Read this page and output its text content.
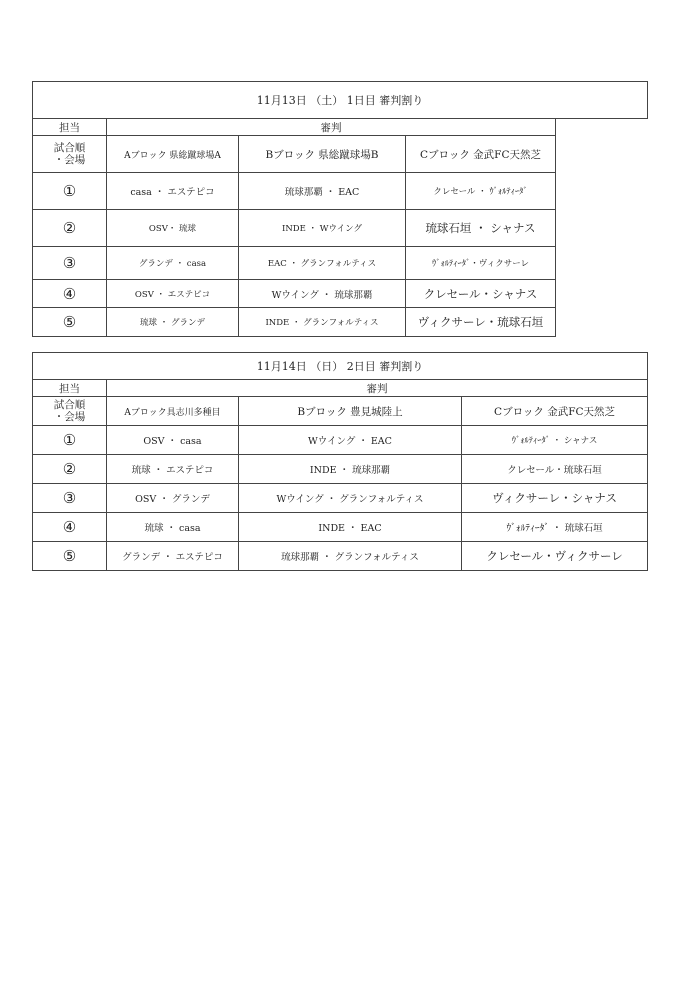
11月13日 （土） 1日目 審判割り				
担当	審判			
試合順
・会場	Aブロック 県総蹴球場A	Bブロック 県総蹴球場B	Cブロック 金武FC天然芝	
①	casa ・ エステピコ	琉球那覇 ・ EAC	クレセール ・ ｳﾞｫﾙﾃｨｰﾀﾞ	
②	OSV・ 琉球	INDE ・ Wウイング	琉球石垣 ・ シャナス	
③	グランデ ・ casa	EAC ・ グランフォルティス	ｳﾞｫﾙﾃｨｰﾀﾞ・ヴィクサーレ	
④	OSV ・ エステピコ	Wウイング ・ 琉球那覇	クレセール・シャナス	
⑤	琉球 ・ グランデ	INDE ・ グランフォルティス	ヴィクサーレ・琉球石垣	
11月14日 （日） 2日目 審判割り			
担当	審判		
試合順
・会場	Aブロック具志川多種目	Bブロック 豊見城陸上	Cブロック 金武FC天然芝
①	OSV ・ casa	Wウイング ・ EAC	ｳﾞｫﾙﾃｨｰﾀﾞ ・ シャナス
②	琉球 ・ エステピコ	INDE ・ 琉球那覇	クレセール・琉球石垣
③	OSV ・ グランデ	Wウイング ・ グランフォルティス	ヴィクサーレ・シャナス
④	琉球 ・ casa	INDE ・ EAC	ｳﾞｫﾙﾃｨｰﾀﾞ ・ 琉球石垣
⑤	グランデ ・ エステピコ	琉球那覇 ・ グランフォルティス	クレセール・ヴィクサーレ
